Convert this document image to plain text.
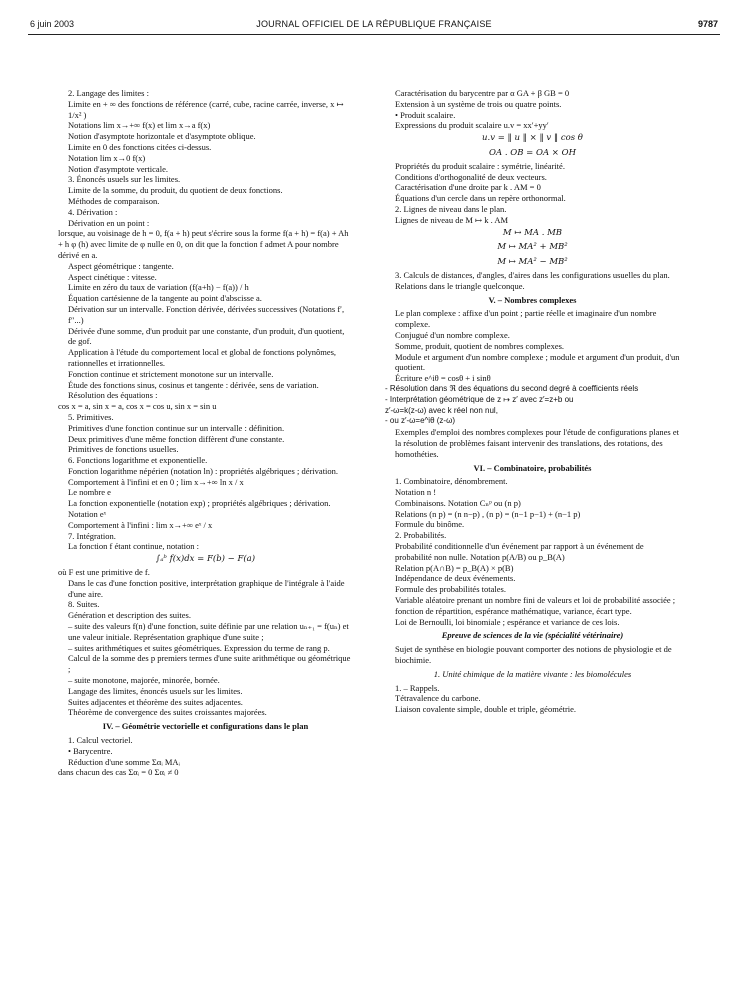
6 juin 2003	JOURNAL OFFICIEL DE LA RÉPUBLIQUE FRANÇAISE	9787
2. Langage des limites :
Limite en + ∞ des fonctions de référence (carré, cube, racine carrée, inverse, x ↦ 1/x² )
Notations lim x→+∞ f(x) et lim x→a f(x)
Notion d'asymptote horizontale et d'asymptote oblique.
Limite en 0 des fonctions citées ci-dessus.
Notation lim x→0 f(x)
Notion d'asymptote verticale.
3. Énoncés usuels sur les limites.
Limite de la somme, du produit, du quotient de deux fonctions.
Méthodes de comparaison.
4. Dérivation :
Dérivation en un point :
lorsque, au voisinage de h = 0, f(a + h) peut s'écrire sous la forme f(a + h) = f(a) + Ah + h φ (h) avec limite de φ nulle en 0, on dit que la fonction f admet A pour nombre dérivé en a.
Aspect géométrique : tangente.
Aspect cinétique : vitesse.
Limite en zéro du taux de variation (f(a+h) − f(a)) / h
Équation cartésienne de la tangente au point d'abscisse a.
Dérivation sur un intervalle. Fonction dérivée, dérivées successives (Notations f′, f″...)
Dérivée d'une somme, d'un produit par une constante, d'un produit, d'un quotient, de gof.
Application à l'étude du comportement local et global de fonctions polynômes, rationnelles et irrationnelles.
Fonction continue et strictement monotone sur un intervalle.
Étude des fonctions sinus, cosinus et tangente : dérivée, sens de variation.
Résolution des équations :
cos x = a, sin x = a, cos x = cos u, sin x = sin u
5. Primitives.
Primitives d'une fonction continue sur un intervalle : définition.
Deux primitives d'une même fonction diffèrent d'une constante.
Primitives de fonctions usuelles.
6. Fonctions logarithme et exponentielle.
Fonction logarithme népérien (notation ln) : propriétés algébriques ; dérivation.
Comportement à l'infini et en 0 ; lim x→+∞ ln x / x
Le nombre e
La fonction exponentielle (notation exp) ; propriétés algébriques ; dérivation.
Notation eˣ
Comportement à l'infini : lim x→+∞ eˣ / x
7. Intégration.
La fonction f étant continue, notation :
∫ₐᵇ f(x)dx = F(b) − F(a)
où F est une primitive de f.
Dans le cas d'une fonction positive, interprétation graphique de l'intégrale à l'aide d'une aire.
8. Suites.
Génération et description des suites.
– suite des valeurs f(n) d'une fonction, suite définie par une relation uₙ₊₁ = f(uₙ) et une valeur initiale. Représentation graphique d'une suite ;
– suites arithmétiques et suites géométriques. Expression du terme de rang p. Calcul de la somme des p premiers termes d'une suite arithmétique ou géométrique ;
– suite monotone, majorée, minorée, bornée.
Langage des limites, énoncés usuels sur les limites.
Suites adjacentes et théorème des suites adjacentes.
Théorème de convergence des suites croissantes majorées.
IV. – Géométrie vectorielle et configurations dans le plan
1. Calcul vectoriel.
• Barycentre.
Réduction d'une somme Σαᵢ MAᵢ
dans chacun des cas Σαᵢ = 0 Σαᵢ ≠ 0
Caractérisation du barycentre par α GA + β GB = 0
Extension à un système de trois ou quatre points.
• Produit scalaire.
Expressions du produit scalaire u.v = xx′+yy′
u.v = ‖ u ‖ × ‖ v ‖ cos θ
OA . OB = OA × OH
Propriétés du produit scalaire : symétrie, linéarité.
Conditions d'orthogonalité de deux vecteurs.
Caractérisation d'une droite par k . AM = 0
Équations d'un cercle dans un repère orthonormal.
2. Lignes de niveau dans le plan.
Lignes de niveau de M ↦ k . AM
M ↦ MA . MB
M ↦ MA² + MB²
M ↦ MA² − MB²
3. Calculs de distances, d'angles, d'aires dans les configurations usuelles du plan.
Relations dans le triangle quelconque.
V. – Nombres complexes
Le plan complexe : affixe d'un point ; partie réelle et imaginaire d'un nombre complexe.
Conjugué d'un nombre complexe.
Somme, produit, quotient de nombres complexes.
Module et argument d'un nombre complexe ; module et argument d'un produit, d'un quotient.
Écriture e^iθ = cosθ + i sinθ
- Résolution dans ℜ des équations du second degré à coefficients réels
- Interprétation géométrique de z ↦ z′ avec z′=z+b ou
z′-ω=k(z-ω) avec k réel non nul,
- ou z′-ω=e^iθ (z-ω)
Exemples d'emploi des nombres complexes pour l'étude de configurations planes et la résolution de problèmes faisant intervenir des translations, des rotations, des homothéties.
VI. – Combinatoire, probabilités
1. Combinatoire, dénombrement.
Notation n !
Combinaisons. Notation Cₙᵖ ou (n p)
Relations (n p) = (n n−p) , (n p) = (n−1 p−1) + (n−1 p)
Formule du binôme.
2. Probabilités.
Probabilité conditionnelle d'un événement par rapport à un événement de probabilité non nulle. Notation p(A/B) ou p_B(A)
Relation p(A∩B) = p_B(A) × p(B)
Indépendance de deux événements.
Formule des probabilités totales.
Variable aléatoire prenant un nombre fini de valeurs et loi de probabilité associée ; fonction de répartition, espérance mathématique, variance, écart type.
Loi de Bernoulli, loi binomiale ; espérance et variance de ces lois.
Epreuve de sciences de la vie (spécialité vétérinaire)
Sujet de synthèse en biologie pouvant comporter des notions de physiologie et de biochimie.
1. Unité chimique de la matière vivante : les biomolécules
1. – Rappels.
Tétravalence du carbone.
Liaison covalente simple, double et triple, géométrie.
